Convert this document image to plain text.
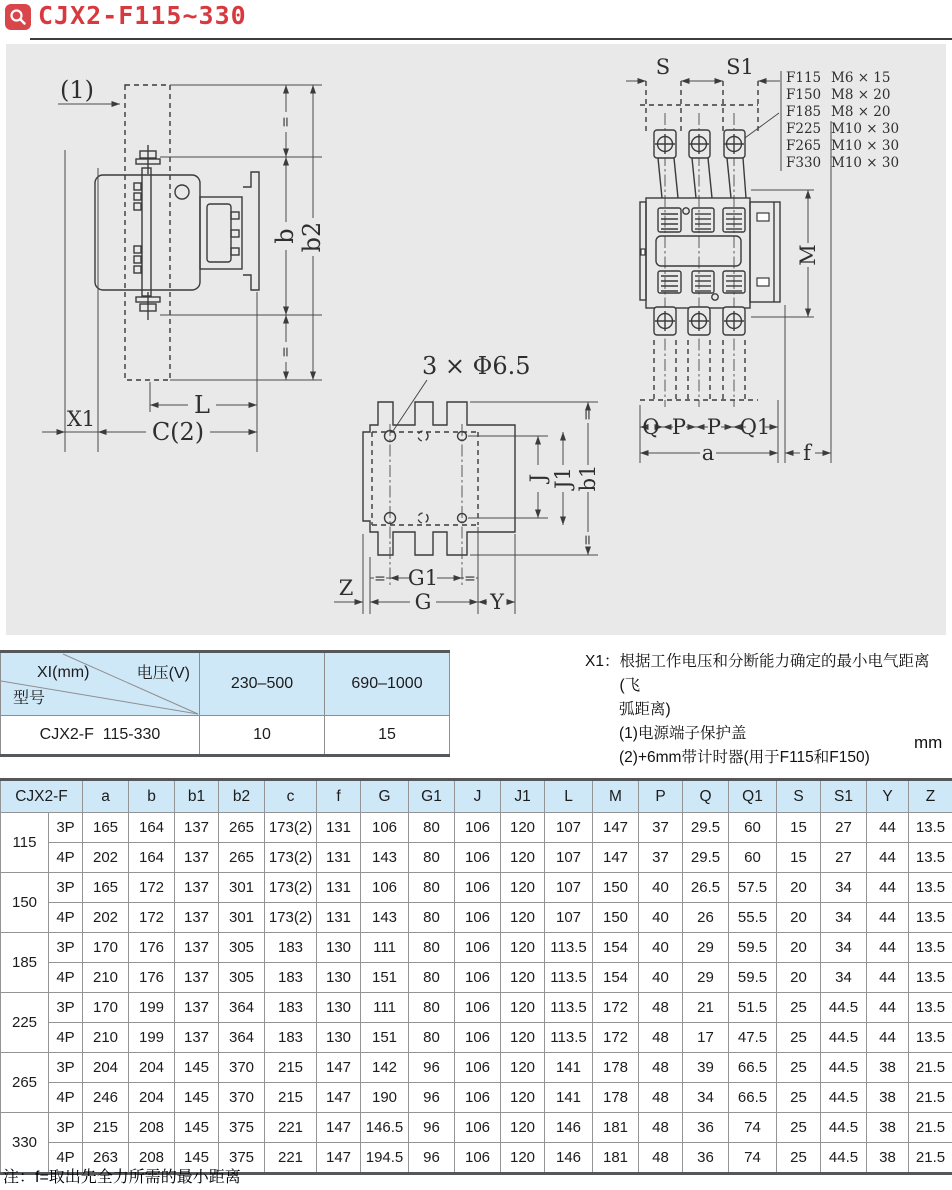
CJX2-F115~330
=
b
=
b2
L
C(2)
X1
(1)
J J1
=
b1
=
G1
=	=
G	Y
Z
3 × Φ6.5
S	S1 F115 M6 × 15
F150 M8 × 20
F185 M8 × 20
F225 M10 × 30
F265 M10 × 30
F330 M10 × 30
M
Q P P Q1
a	f
电压(V)
XI(mm)
型号	230–500	690–1000
CJX2-F  115-330	10	15
X1： 根据工作电压和分断能力确定的最小电气距离(飞
弧距离)
(1)电源端子保护盖
(2)+6mm带计时器(用于F115和F150)
mm
CJX2-F		a	b	b1	b2	c	f	G	G1	J	J1	L	M	P	Q	Q1	S	S1	Y	Z
115	3P	165	164	137	265	173(2)	131	106	80	106	120	107	147	37	29.5	60	15	27	44	13.5
	4P	202	164	137	265	173(2)	131	143	80	106	120	107	147	37	29.5	60	15	27	44	13.5
150	3P	165	172	137	301	173(2)	131	106	80	106	120	107	150	40	26.5	57.5	20	34	44	13.5
	4P	202	172	137	301	173(2)	131	143	80	106	120	107	150	40	26	55.5	20	34	44	13.5
185	3P	170	176	137	305	183	130	111	80	106	120	113.5	154	40	29	59.5	20	34	44	13.5
	4P	210	176	137	305	183	130	151	80	106	120	113.5	154	40	29	59.5	20	34	44	13.5
225	3P	170	199	137	364	183	130	111	80	106	120	113.5	172	48	21	51.5	25	44.5	44	13.5
	4P	210	199	137	364	183	130	151	80	106	120	113.5	172	48	17	47.5	25	44.5	44	13.5
265	3P	204	204	145	370	215	147	142	96	106	120	141	178	48	39	66.5	25	44.5	38	21.5
	4P	246	204	145	370	215	147	190	96	106	120	141	178	48	34	66.5	25	44.5	38	21.5
330	3P	215	208	145	375	221	147	146.5	96	106	120	146	181	48	36	74	25	44.5	38	21.5
	4P	263	208	145	375	221	147	194.5	96	106	120	146	181	48	36	74	25	44.5	38	21.5
注：f=取出先全力所需的最小距离
